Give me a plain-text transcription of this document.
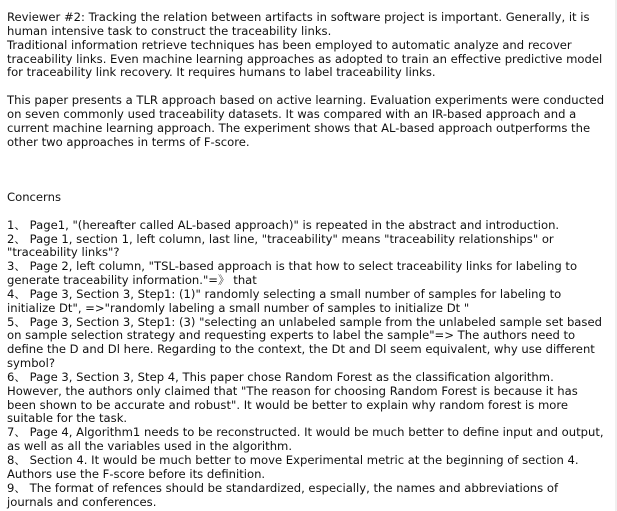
Reviewer #2: Tracking the relation between artifacts in software project is important. Generally, it is human intensive task to construct the traceability links.

Traditional information retrieve techniques has been employed to automatic analyze and recover traceability links. Even machine learning approaches as adopted to train an effective predictive model for traceability link recovery. It requires humans to label traceability links.

This paper presents a TLR approach based on active learning. Evaluation experiments were conducted on seven commonly used traceability datasets. It was compared with an IR-based approach and a current machine learning approach. The experiment shows that AL-based approach outperforms the other two approaches in terms of F-score.

Concerns

1、 Page1, "(hereafter called AL-based approach)" is repeated in the abstract and introduction.

2、 Page 1, section 1, left column, last line, "traceability" means "traceability relationships" or "traceability links"?

3、 Page 2, left column, "TSL-based approach is that how to select traceability links for labeling to generate traceability information."=》 that

4、 Page 3, Section 3, Step1: (1)" randomly selecting a small number of samples for labeling to initialize Dt", =>"randomly labeling a small number of samples to initialize Dt "

5、 Page 3, Section 3, Step1: (3) "selecting an unlabeled sample from the unlabeled sample set based on sample selection strategy and requesting experts to label the sample"=> The authors need to define the D and Dl here. Regarding to the context, the Dt and Dl seem equivalent, why use different symbol?

6、 Page 3, Section 3, Step 4, This paper chose Random Forest as the classification algorithm. However, the authors only claimed that "The reason for choosing Random Forest is because it has been shown to be accurate and robust". It would be better to explain why random forest is more suitable for the task.

7、 Page 4, Algorithm1 needs to be reconstructed. It would be much better to define input and output, as well as all the variables used in the algorithm.

8、 Section 4. It would be much better to move Experimental metric at the beginning of section 4. Authors use the F-score before its definition.

9、 The format of refences should be standardized, especially, the names and abbreviations of journals and conferences.
